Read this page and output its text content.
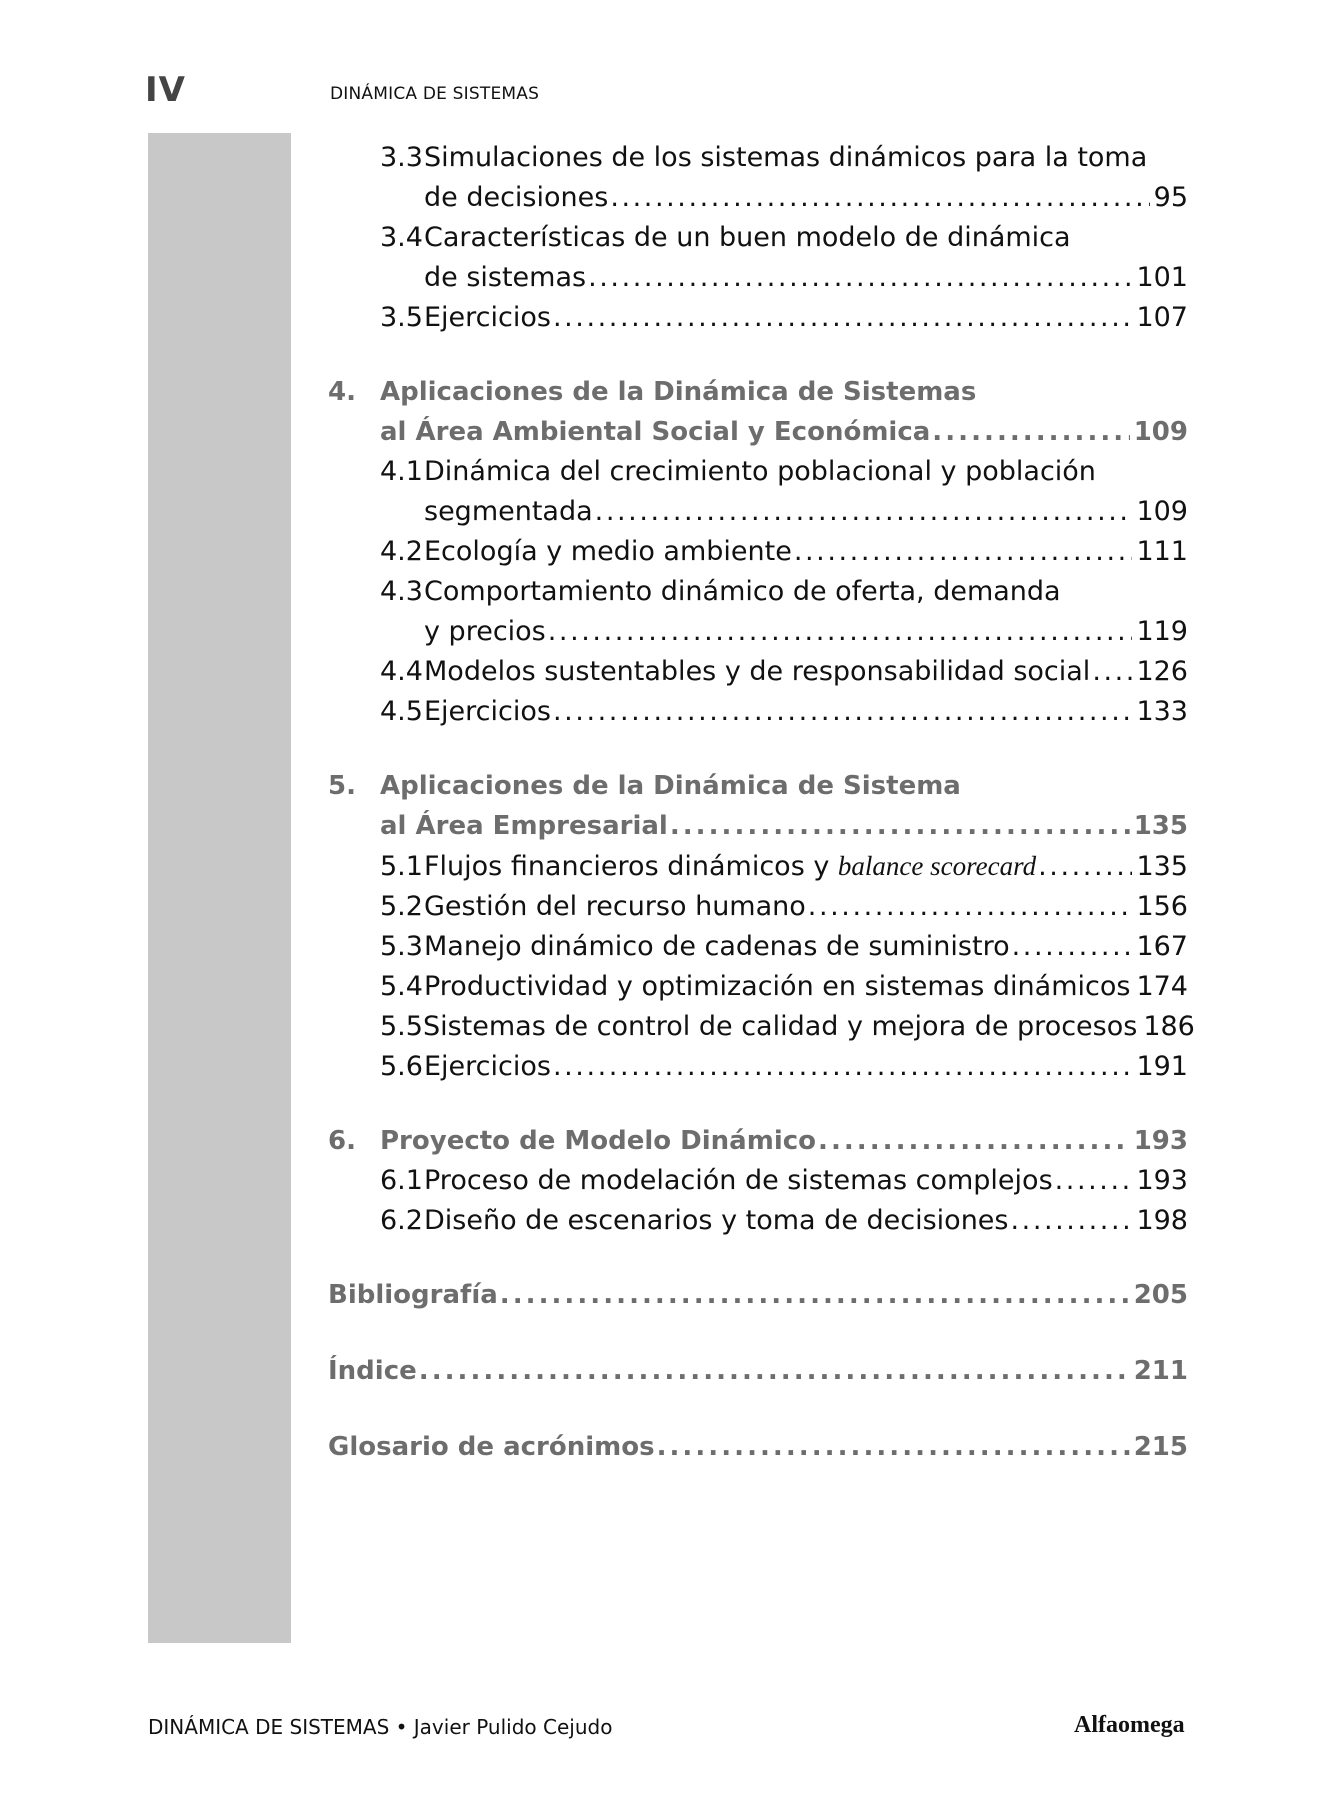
IV	DINÁMICA DE SISTEMAS
3.3 Simulaciones de los sistemas dinámicos para la toma
de decisiones . . .	95
3.4 Características de un buen modelo de dinámica
de sistemas . . .	101
3.5 Ejercicios . . .	107
4. Aplicaciones de la Dinámica de Sistemas
al Área Ambiental Social y Económica . . .	109
4.1 Dinámica del crecimiento poblacional y población
segmentada . . .	109
4.2 Ecología y medio ambiente . . .	111
4.3 Comportamiento dinámico de oferta, demanda
y precios . . .	119
4.4 Modelos sustentables y de responsabilidad social . . . 126
4.5 Ejercicios . . .	133
5. Aplicaciones de la Dinámica de Sistema
al Área Empresarial . . .	135
5.1 Flujos financieros dinámicos y balance scorecard . . .	135
5.2 Gestión del recurso humano . . .	156
5.3 Manejo dinámico de cadenas de suministro . . .	167
5.4 Productividad y optimización en sistemas dinámicos 174
5.5 Sistemas de control de calidad y mejora de procesos 186
5.6 Ejercicios . . .	191
6. Proyecto de Modelo Dinámico . . .	193
6.1 Proceso de modelación de sistemas complejos . . .	193
6.2 Diseño de escenarios y toma de decisiones . . .	198
Bibliografía . . .	205
Índice . . .	211
Glosario de acrónimos . . .	215
DINÁMICA DE SISTEMAS • Javier Pulido Cejudo	Alfaomega
